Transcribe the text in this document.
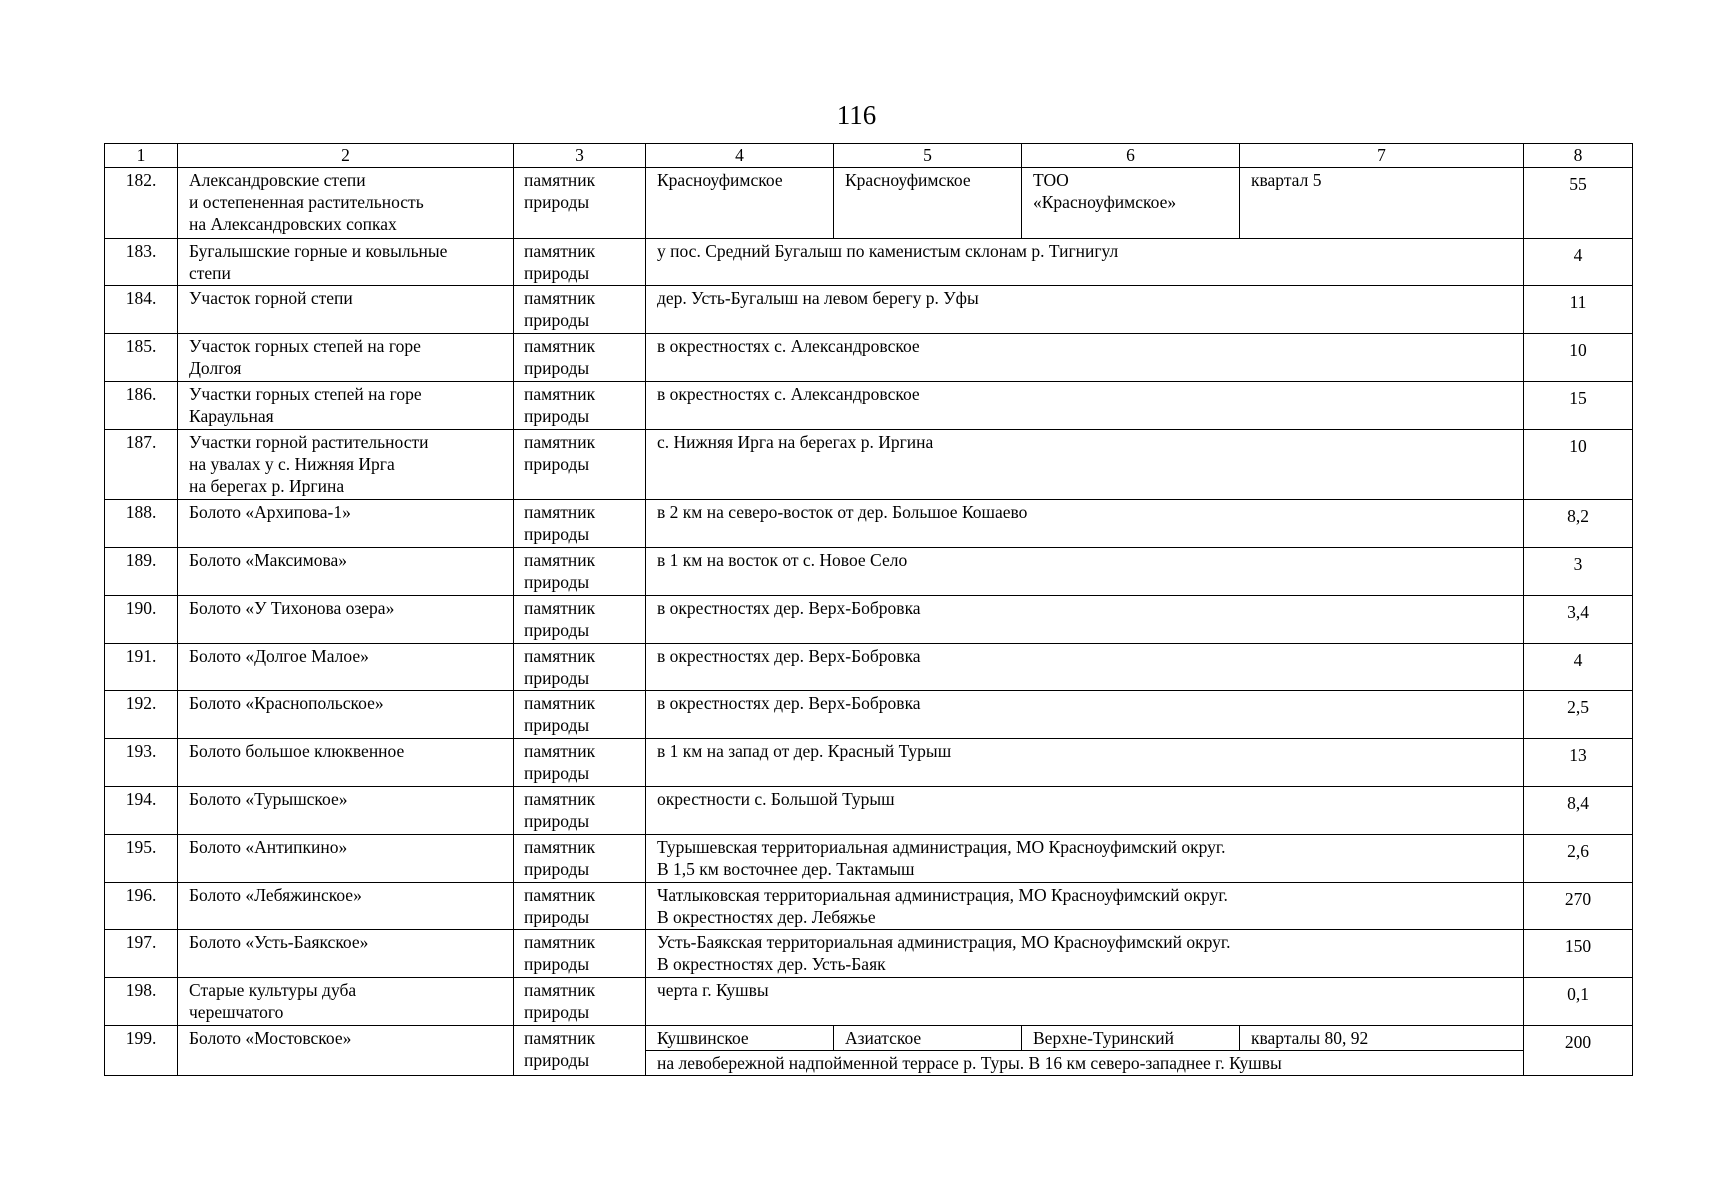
116
1	2	3	4	5	6	7	8
182.	Александровские степи
и остепененная растительность
на Александровских сопках	памятник
природы	Красноуфимское	Красноуфимское	ТОО
«Красноуфимское»	квартал 5	55
183.	Бугалышские горные и ковыльные
степи	памятник
природы	у пос. Средний Бугалыш по каменистым склонам р. Тигнигул				4
184.	Участок горной степи	памятник
природы	дер. Усть-Бугалыш на левом берегу р. Уфы				11
185.	Участок горных степей на горе
Долгоя	памятник
природы	в окрестностях с. Александровское				10
186.	Участки горных степей на горе
Караульная	памятник
природы	в окрестностях с. Александровское				15
187.	Участки горной растительности
на увалах у с. Нижняя Ирга
на берегах р. Иргина	памятник
природы	с. Нижняя Ирга на берегах р. Иргина				10
188.	Болото «Архипова-1»	памятник
природы	в 2 км на северо-восток от дер. Большое Кошаево				8,2
189.	Болото «Максимова»	памятник
природы	в 1 км на восток от с. Новое Село				3
190.	Болото «У Тихонова озера»	памятник
природы	в окрестностях дер. Верх-Бобровка				3,4
191.	Болото «Долгое Малое»	памятник
природы	в окрестностях дер. Верх-Бобровка				4
192.	Болото «Краснопольское»	памятник
природы	в окрестностях дер. Верх-Бобровка				2,5
193.	Болото большое клюквенное	памятник
природы	в 1 км на запад от дер. Красный Турыш				13
194.	Болото «Турышское»	памятник
природы	окрестности с. Большой Турыш				8,4
195.	Болото «Антипкино»	памятник
природы	Турышевская территориальная администрация, МО Красноуфимский округ.
В 1,5 км восточнее дер. Тактамыш				2,6
196.	Болото «Лебяжинское»	памятник
природы	Чатлыковская территориальная администрация, МО Красноуфимский округ.
В окрестностях дер. Лебяжье				270
197.	Болото «Усть-Баякское»	памятник
природы	Усть-Баякская территориальная администрация, МО Красноуфимский округ.
В окрестностях дер. Усть-Баяк				150
198.	Старые культуры дуба
черешчатого	памятник
природы	черта г. Кушвы				0,1
199.	Болото «Мостовское»	памятник
природы	Кушвинское	Азиатское	Верхне-Туринский	кварталы 80, 92	200

			на левобережной надпойменной террасе р. Туры. В 16 км северо-западнее г. Кушвы				
